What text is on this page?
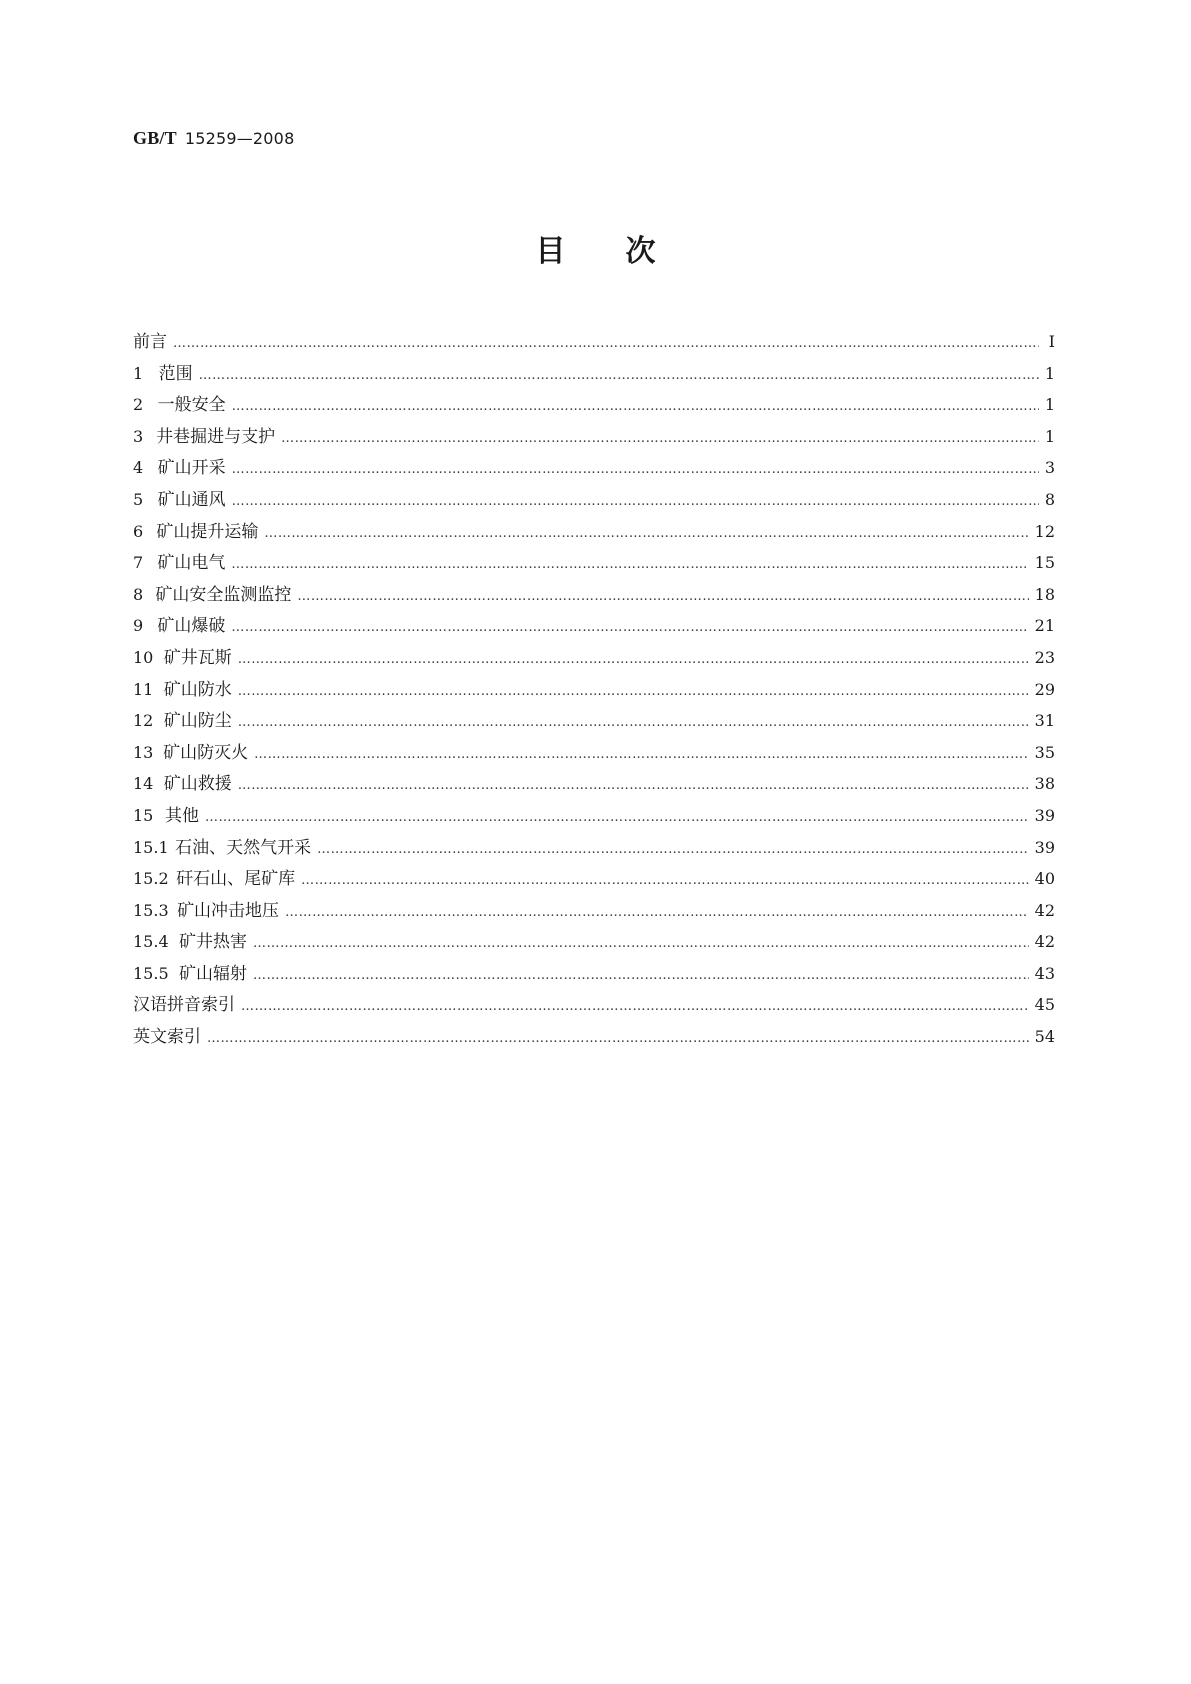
GB/T 15259—2008
目 次
前言 ……………………………………………………………………………………………………………………………………………………………………………………………………………………	Ⅰ
1 范围 ……………………………………………………………………………………………………………………………………………………………………………………………………………………	1
2 一般安全 ……………………………………………………………………………………………………………………………………………………………………………………………………………………	1
3 井巷掘进与支护 ……………………………………………………………………………………………………………………………………………………………………………………………………………………	1
4 矿山开采 ……………………………………………………………………………………………………………………………………………………………………………………………………………………	3
5 矿山通风 ……………………………………………………………………………………………………………………………………………………………………………………………………………………	8
6 矿山提升运输 ……………………………………………………………………………………………………………………………………………………………………………………………………………………	12
7 矿山电气 ……………………………………………………………………………………………………………………………………………………………………………………………………………………	15
8 矿山安全监测监控 ……………………………………………………………………………………………………………………………………………………………………………………………………………………	18
9 矿山爆破 ……………………………………………………………………………………………………………………………………………………………………………………………………………………	21
10 矿井瓦斯 ……………………………………………………………………………………………………………………………………………………………………………………………………………………	23
11 矿山防水 ……………………………………………………………………………………………………………………………………………………………………………………………………………………	29
12 矿山防尘 ……………………………………………………………………………………………………………………………………………………………………………………………………………………	31
13 矿山防灭火 ……………………………………………………………………………………………………………………………………………………………………………………………………………………	35
14 矿山救援 ……………………………………………………………………………………………………………………………………………………………………………………………………………………	38
15 其他 ……………………………………………………………………………………………………………………………………………………………………………………………………………………	39
15.1 石油、天然气开采 ……………………………………………………………………………………………………………………………………………………………………………………………………………………	39
15.2 矸石山、尾矿库 ……………………………………………………………………………………………………………………………………………………………………………………………………………………	40
15.3 矿山冲击地压 ……………………………………………………………………………………………………………………………………………………………………………………………………………………	42
15.4 矿井热害 ……………………………………………………………………………………………………………………………………………………………………………………………………………………	42
15.5 矿山辐射 ……………………………………………………………………………………………………………………………………………………………………………………………………………………	43
汉语拼音索引 ……………………………………………………………………………………………………………………………………………………………………………………………………………………	45
英文索引 ……………………………………………………………………………………………………………………………………………………………………………………………………………………	54
